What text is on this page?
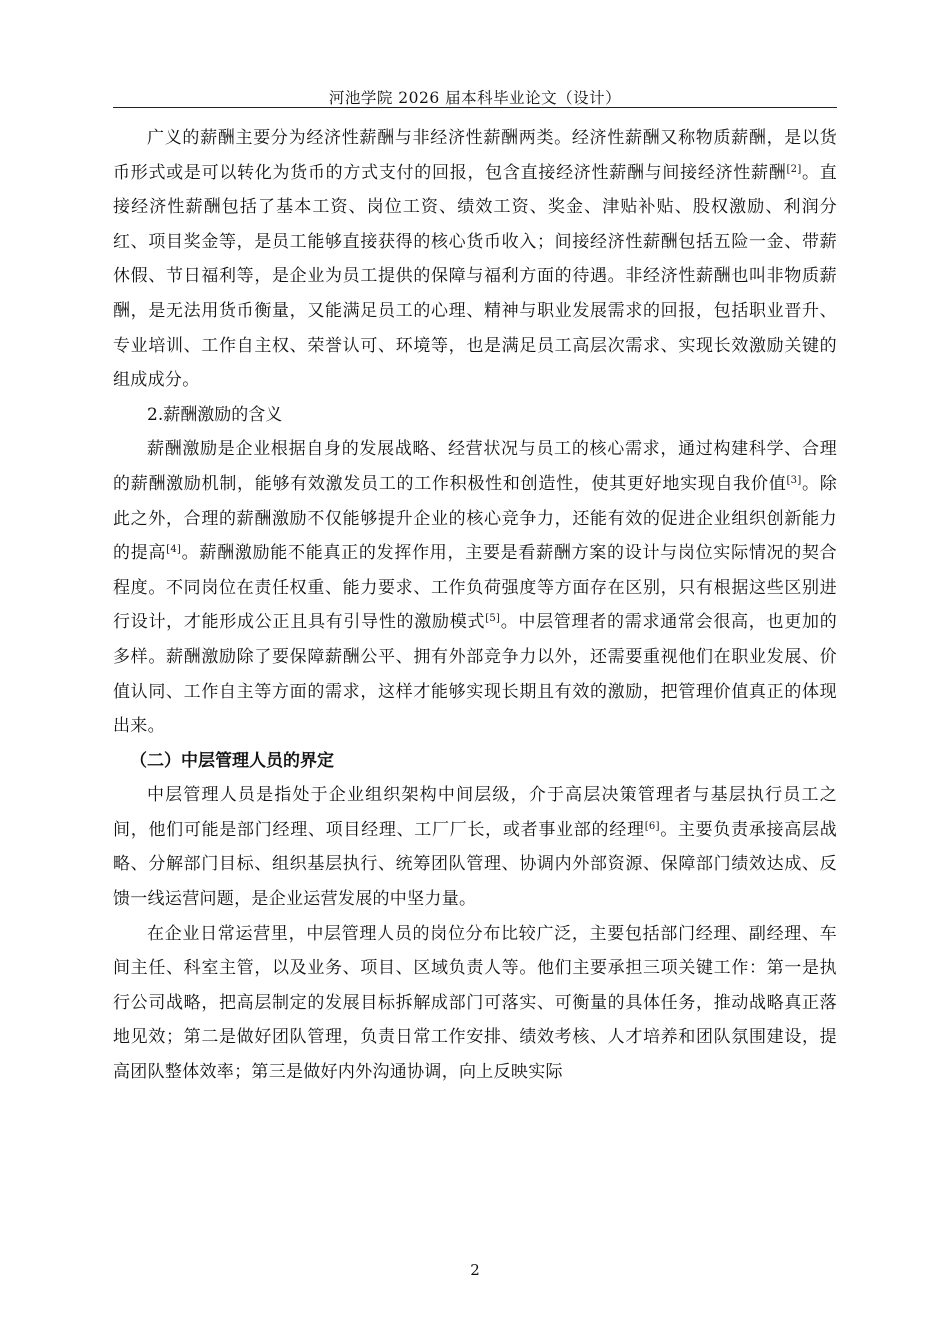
河池学院 2026 届本科毕业论文（设计）

广义的薪酬主要分为经济性薪酬与非经济性薪酬两类。经济性薪酬又称物质薪酬，是以货币形式或是可以转化为货币的方式支付的回报，包含直接经济性薪酬与间接经济性薪酬[2]。直接经济性薪酬包括了基本工资、岗位工资、绩效工资、奖金、津贴补贴、股权激励、利润分红、项目奖金等，是员工能够直接获得的核心货币收入；间接经济性薪酬包括五险一金、带薪休假、节日福利等，是企业为员工提供的保障与福利方面的待遇。非经济性薪酬也叫非物质薪酬，是无法用货币衡量，又能满足员工的心理、精神与职业发展需求的回报，包括职业晋升、专业培训、工作自主权、荣誉认可、环境等，也是满足员工高层次需求、实现长效激励关键的组成成分。

2.薪酬激励的含义

薪酬激励是企业根据自身的发展战略、经营状况与员工的核心需求，通过构建科学、合理的薪酬激励机制，能够有效激发员工的工作积极性和创造性，使其更好地实现自我价值[3]。除此之外，合理的薪酬激励不仅能够提升企业的核心竞争力，还能有效的促进企业组织创新能力的提高[4]。薪酬激励能不能真正的发挥作用，主要是看薪酬方案的设计与岗位实际情况的契合程度。不同岗位在责任权重、能力要求、工作负荷强度等方面存在区别，只有根据这些区别进行设计，才能形成公正且具有引导性的激励模式[5]。中层管理者的需求通常会很高，也更加的多样。薪酬激励除了要保障薪酬公平、拥有外部竞争力以外，还需要重视他们在职业发展、价值认同、工作自主等方面的需求，这样才能够实现长期且有效的激励，把管理价值真正的体现出来。

（二）中层管理人员的界定

中层管理人员是指处于企业组织架构中间层级，介于高层决策管理者与基层执行员工之间，他们可能是部门经理、项目经理、工厂厂长，或者事业部的经理[6]。主要负责承接高层战略、分解部门目标、组织基层执行、统筹团队管理、协调内外部资源、保障部门绩效达成、反馈一线运营问题，是企业运营发展的中坚力量。

在企业日常运营里，中层管理人员的岗位分布比较广泛，主要包括部门经理、副经理、车间主任、科室主管，以及业务、项目、区域负责人等。他们主要承担三项关键工作：第一是执行公司战略，把高层制定的发展目标拆解成部门可落实、可衡量的具体任务，推动战略真正落地见效；第二是做好团队管理，负责日常工作安排、绩效考核、人才培养和团队氛围建设，提高团队整体效率；第三是做好内外沟通协调，向上反映实际

2
